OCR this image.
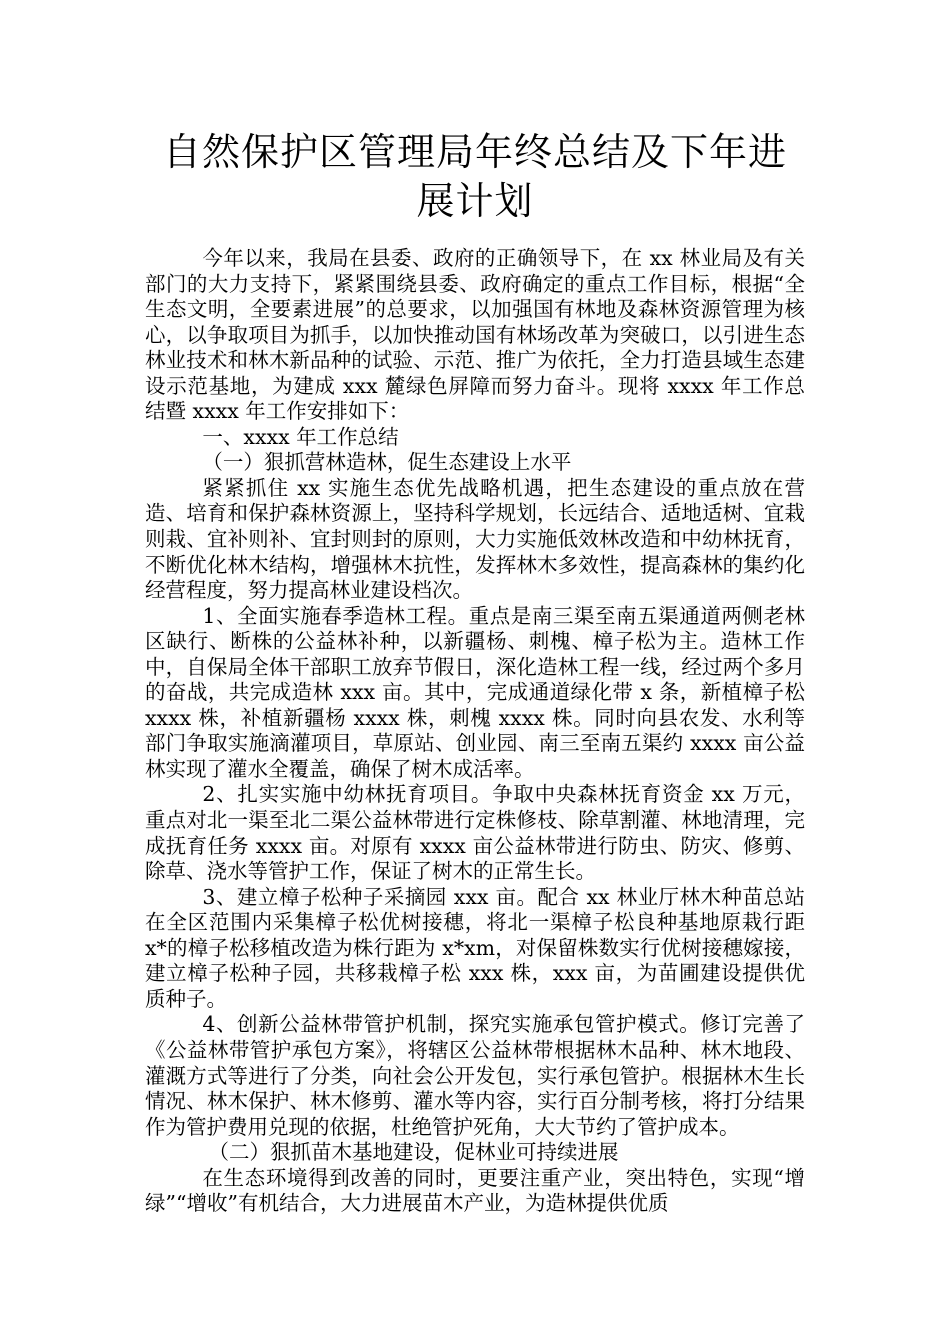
自然保护区管理局年终总结及下年进展计划

今年以来，我局在县委、政府的正确领导下，在 xx 林业局及有关部门的大力支持下，紧紧围绕县委、政府确定的重点工作目标，根据“全生态文明，全要素进展”的总要求，以加强国有林地及森林资源管理为核心，以争取项目为抓手，以加快推动国有林场改革为突破口，以引进生态林业技术和林木新品种的试验、示范、推广为依托，全力打造县域生态建设示范基地，为建成 xxx 麓绿色屏障而努力奋斗。现将 xxxx 年工作总结暨 xxxx 年工作安排如下：

一、xxxx 年工作总结

（一）狠抓营林造林，促生态建设上水平

紧紧抓住 xx 实施生态优先战略机遇，把生态建设的重点放在营造、培育和保护森林资源上，坚持科学规划，长远结合、适地适树、宜栽则栽、宜补则补、宜封则封的原则，大力实施低效林改造和中幼林抚育，不断优化林木结构，增强林木抗性，发挥林木多效性，提高森林的集约化经营程度，努力提高林业建设档次。

1、全面实施春季造林工程。重点是南三渠至南五渠通道两侧老林区缺行、断株的公益林补种，以新疆杨、刺槐、樟子松为主。造林工作中，自保局全体干部职工放弃节假日，深化造林工程一线，经过两个多月的奋战，共完成造林 xxx 亩。其中，完成通道绿化带 x 条，新植樟子松 xxxx 株，补植新疆杨 xxxx 株，刺槐 xxxx 株。同时向县农发、水利等部门争取实施滴灌项目，草原站、创业园、南三至南五渠约 xxxx 亩公益林实现了灌水全覆盖，确保了树木成活率。

2、扎实实施中幼林抚育项目。争取中央森林抚育资金 xx 万元，重点对北一渠至北二渠公益林带进行定株修枝、除草割灌、林地清理，完成抚育任务 xxxx 亩。对原有 xxxx 亩公益林带进行防虫、防灾、修剪、除草、浇水等管护工作，保证了树木的正常生长。

3、建立樟子松种子采摘园 xxx 亩。配合 xx 林业厅林木种苗总站在全区范围内采集樟子松优树接穗，将北一渠樟子松良种基地原栽行距 x*的樟子松移植改造为株行距为 x*xm，对保留株数实行优树接穗嫁接，建立樟子松种子园，共移栽樟子松 xxx 株，xxx 亩，为苗圃建设提供优质种子。

4、创新公益林带管护机制，探究实施承包管护模式。修订完善了《公益林带管护承包方案》，将辖区公益林带根据林木品种、林木地段、灌溉方式等进行了分类，向社会公开发包，实行承包管护。根据林木生长情况、林木保护、林木修剪、灌水等内容，实行百分制考核，将打分结果作为管护费用兑现的依据，杜绝管护死角，大大节约了管护成本。

（二）狠抓苗木基地建设，促林业可持续进展

在生态环境得到改善的同时，更要注重产业，突出特色，实现“增绿”“增收”有机结合，大力进展苗木产业，为造林提供优质
